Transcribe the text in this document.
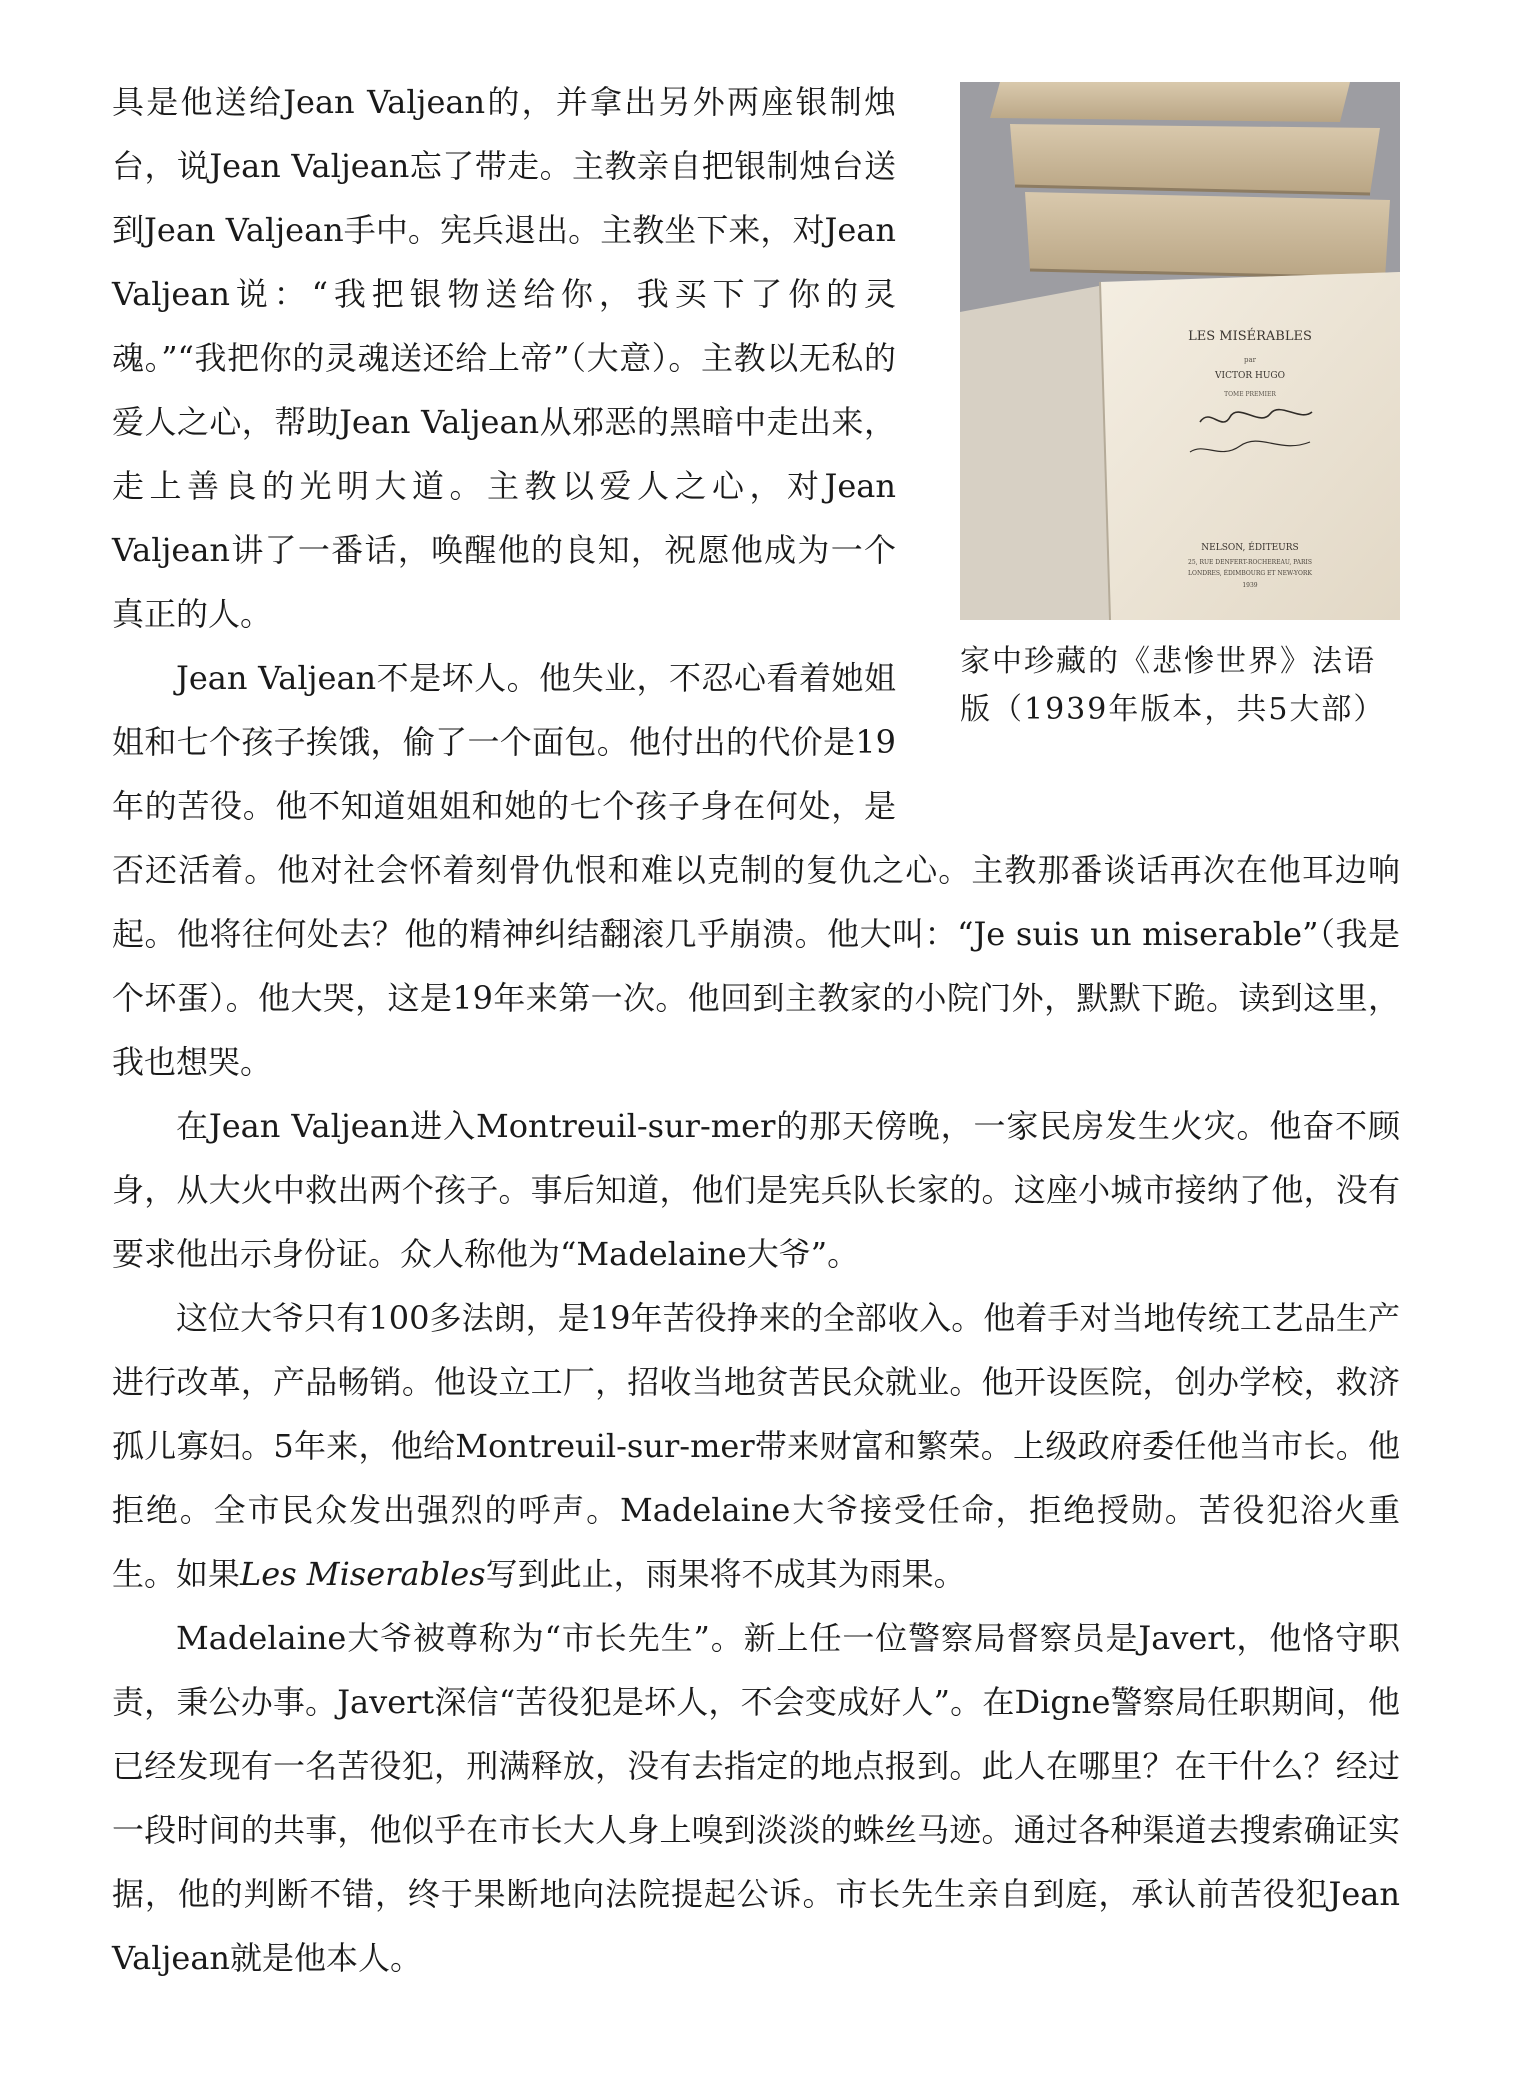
LES MISÉRABLES
par
VICTOR HUGO
TOME PREMIER
NELSON, ÉDITEURS
25, RUE DENFERT-ROCHEREAU, PARIS
LONDRES, ÉDIMBOURG ET NEW-YORK
1939
家中珍藏的《悲惨世界》法语
版（1939年版本，共5大部）

具是他送给Jean Valjean的，并拿出另外两座银制烛台，说Jean Valjean忘了带走。主教亲自把银制烛台送到Jean Valjean手中。宪兵退出。主教坐下来，对Jean Valjean说：“我把银物送给你，我买下了你的灵魂。”“我把你的灵魂送还给上帝”（大意）。主教以无私的爱人之心，帮助Jean Valjean从邪恶的黑暗中走出来，走上善良的光明大道。主教以爱人之心，对Jean Valjean讲了一番话，唤醒他的良知，祝愿他成为一个真正的人。

Jean Valjean不是坏人。他失业，不忍心看着她姐姐和七个孩子挨饿，偷了一个面包。他付出的代价是19年的苦役。他不知道姐姐和她的七个孩子身在何处，是否还活着。他对社会怀着刻骨仇恨和难以克制的复仇之心。主教那番谈话再次在他耳边响起。他将往何处去？他的精神纠结翻滚几乎崩溃。他大叫：“Je suis un miserable”（我是个坏蛋）。他大哭，这是19年来第一次。他回到主教家的小院门外，默默下跪。读到这里，我也想哭。

在Jean Valjean进入Montreuil-sur-mer的那天傍晚，一家民房发生火灾。他奋不顾身，从大火中救出两个孩子。事后知道，他们是宪兵队长家的。这座小城市接纳了他，没有要求他出示身份证。众人称他为“Madelaine大爷”。

这位大爷只有100多法朗，是19年苦役挣来的全部收入。他着手对当地传统工艺品生产进行改革，产品畅销。他设立工厂，招收当地贫苦民众就业。他开设医院，创办学校，救济孤儿寡妇。5年来，他给Montreuil-sur-mer带来财富和繁荣。上级政府委任他当市长。他拒绝。全市民众发出强烈的呼声。Madelaine大爷接受任命，拒绝授勋。苦役犯浴火重生。如果Les Miserables写到此止，雨果将不成其为雨果。

Madelaine大爷被尊称为“市长先生”。新上任一位警察局督察员是Javert，他恪守职责，秉公办事。Javert深信“苦役犯是坏人，不会变成好人”。在Digne警察局任职期间，他已经发现有一名苦役犯，刑满释放，没有去指定的地点报到。此人在哪里？在干什么？经过一段时间的共事，他似乎在市长大人身上嗅到淡淡的蛛丝马迹。通过各种渠道去搜索确证实据，他的判断不错，终于果断地向法院提起公诉。市长先生亲自到庭，承认前苦役犯Jean Valjean就是他本人。
